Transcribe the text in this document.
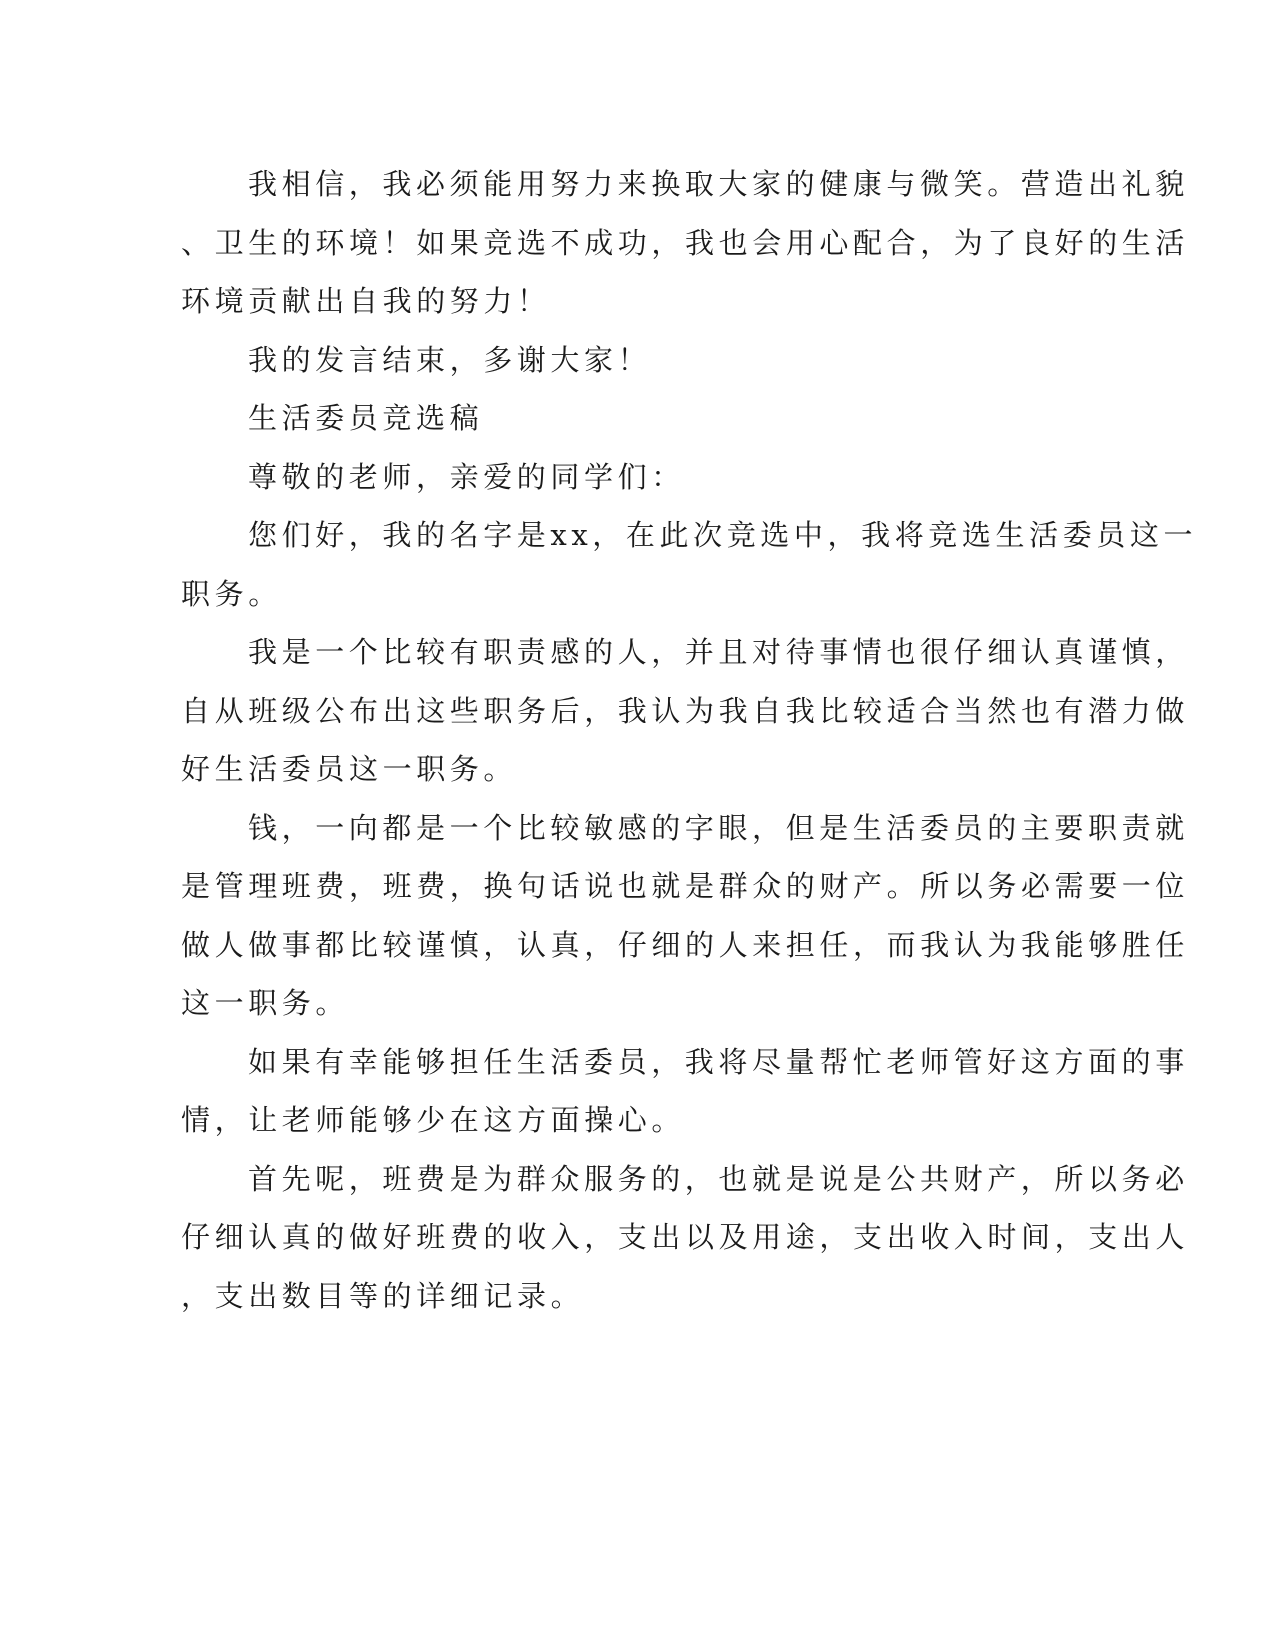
我相信，我必须能用努力来换取大家的健康与微笑。营造出礼貌
、卫生的环境！如果竞选不成功，我也会用心配合，为了良好的生活
环境贡献出自我的努力！
我的发言结束，多谢大家！
生活委员竞选稿
尊敬的老师，亲爱的同学们：
您们好，我的名字是xx，在此次竞选中，我将竞选生活委员这一
职务。
我是一个比较有职责感的人，并且对待事情也很仔细认真谨慎，
自从班级公布出这些职务后，我认为我自我比较适合当然也有潜力做
好生活委员这一职务。
钱，一向都是一个比较敏感的字眼，但是生活委员的主要职责就
是管理班费，班费，换句话说也就是群众的财产。所以务必需要一位
做人做事都比较谨慎，认真，仔细的人来担任，而我认为我能够胜任
这一职务。
如果有幸能够担任生活委员，我将尽量帮忙老师管好这方面的事
情，让老师能够少在这方面操心。
首先呢，班费是为群众服务的，也就是说是公共财产，所以务必
仔细认真的做好班费的收入，支出以及用途，支出收入时间，支出人
，支出数目等的详细记录。
